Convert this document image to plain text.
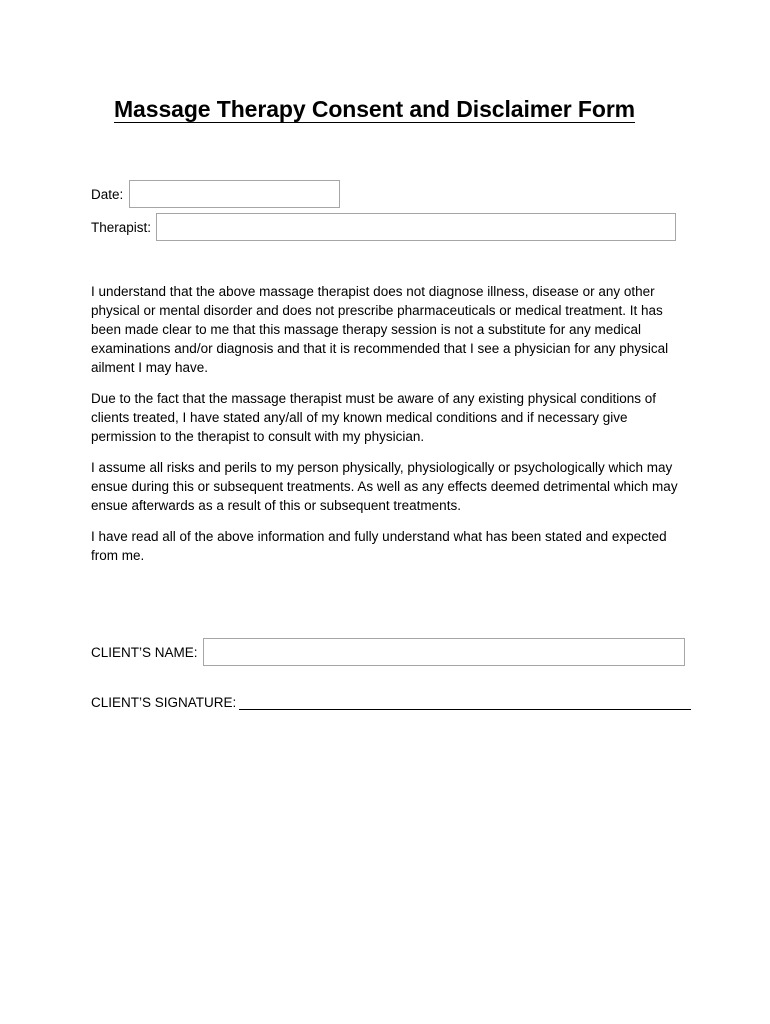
Massage Therapy Consent and Disclaimer Form
Date:
Therapist:

I understand that the above massage therapist does not diagnose illness, disease or any other physical or mental disorder and does not prescribe pharmaceuticals or medical treatment. It has been made clear to me that this massage therapy session is not a substitute for any medical examinations and/or diagnosis and that it is recommended that I see a physician for any physical ailment I may have.

Due to the fact that the massage therapist must be aware of any existing physical conditions of clients treated, I have stated any/all of my known medical conditions and if necessary give permission to the therapist to consult with my physician.

I assume all risks and perils to my person physically, physiologically or psychologically which may ensue during this or subsequent treatments. As well as any effects deemed detrimental which may ensue afterwards as a result of this or subsequent treatments.

I have read all of the above information and fully understand what has been stated and expected from me.

CLIENT’S NAME:
CLIENT’S SIGNATURE:
